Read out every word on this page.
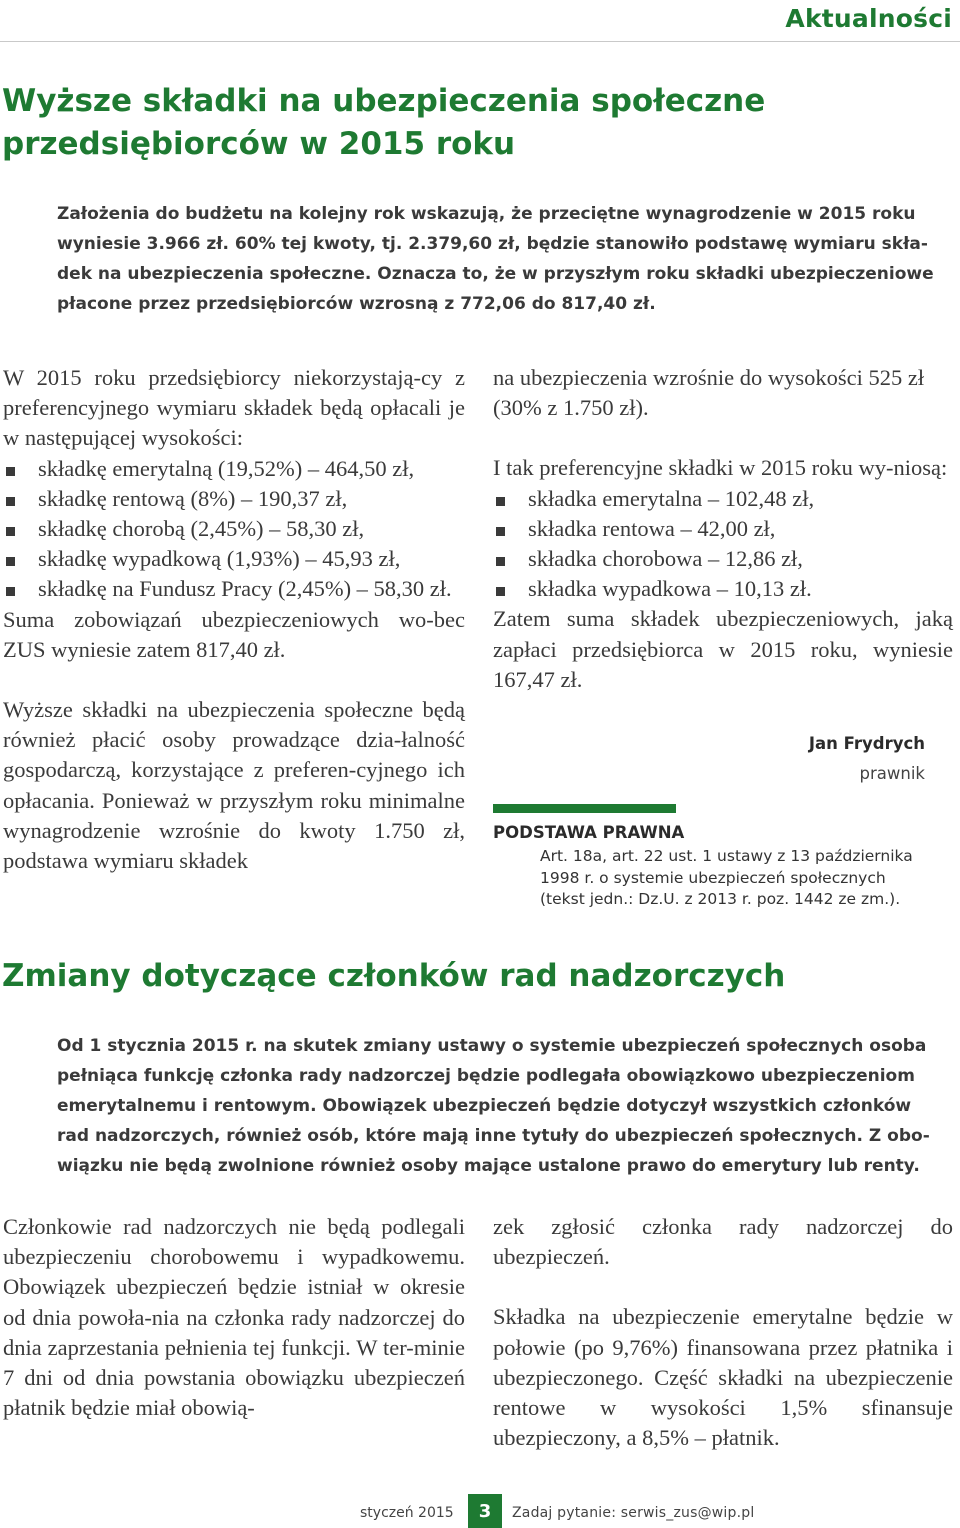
Aktualności
Wyższe składki na ubezpieczenia społeczne
przedsiębiorców w 2015 roku
Założenia do budżetu na kolejny rok wskazują, że przeciętne wynagrodzenie w 2015 roku
wyniesie 3.966 zł. 60% tej kwoty, tj. 2.379,60 zł, będzie stanowiło podstawę wymiaru skła-
dek na ubezpieczenia społeczne. Oznacza to, że w przyszłym roku składki ubezpieczeniowe
płacone przez przedsiębiorców wzrosną z 772,06 do 817,40 zł.

W 2015 roku przedsiębiorcy niekorzystają-cy z preferencyjnego wymiaru składek będą opłacali je w następującej wysokości:

składkę emerytalną (19,52%) – 464,50 zł,
składkę rentową (8%) – 190,37 zł,
składkę chorobą (2,45%) – 58,30 zł,
składkę wypadkową (1,93%) – 45,93 zł,
składkę na Fundusz Pracy (2,45%) – 58,30 zł.

Suma zobowiązań ubezpieczeniowych wo-bec ZUS wyniesie zatem 817,40 zł.

Wyższe składki na ubezpieczenia społeczne będą również płacić osoby prowadzące dzia-łalność gospodarczą, korzystające z preferen-cyjnego ich opłacania. Ponieważ w przyszłym roku minimalne wynagrodzenie wzrośnie do kwoty 1.750 zł, podstawa wymiaru składek

na ubezpieczenia wzrośnie do wysokości 525 zł (30% z 1.750 zł).

I tak preferencyjne składki w 2015 roku wy-niosą:

składka emerytalna – 102,48 zł,
składka rentowa – 42,00 zł,
składka chorobowa – 12,86 zł,
składka wypadkowa – 10,13 zł.

Zatem suma składek ubezpieczeniowych, jaką zapłaci przedsiębiorca w 2015 roku, wyniesie 167,47 zł.

Jan Frydrych
prawnik
PODSTAWA PRAWNA
Art. 18a, art. 22 ust. 1 ustawy z 13 października
1998 r. o systemie ubezpieczeń społecznych
(tekst jedn.: Dz.U. z 2013 r. poz. 1442 ze zm.).
Zmiany dotyczące członków rad nadzorczych
Od 1 stycznia 2015 r. na skutek zmiany ustawy o systemie ubezpieczeń społecznych osoba
pełniąca funkcję członka rady nadzorczej będzie podlegała obowiązkowo ubezpieczeniom
emerytalnemu i rentowym. Obowiązek ubezpieczeń będzie dotyczył wszystkich członków
rad nadzorczych, również osób, które mają inne tytuły do ubezpieczeń społecznych. Z obo-
wiązku nie będą zwolnione również osoby mające ustalone prawo do emerytury lub renty.

Członkowie rad nadzorczych nie będą podlegali ubezpieczeniu chorobowemu i wypadkowemu. Obowiązek ubezpieczeń będzie istniał w okresie od dnia powoła-nia na członka rady nadzorczej do dnia zaprzestania pełnienia tej funkcji. W ter-minie 7 dni od dnia powstania obowiązku ubezpieczeń płatnik będzie miał obowią-

zek zgłosić członka rady nadzorczej do ubezpieczeń.

Składka na ubezpieczenie emerytalne będzie w połowie (po 9,76%) finansowana przez płatnika i ubezpieczonego. Część składki na ubezpieczenie rentowe w wysokości 1,5% sfinansuje ubezpieczony, a 8,5% – płatnik.

styczeń 2015	3	Zadaj pytanie: serwis_zus@wip.pl
